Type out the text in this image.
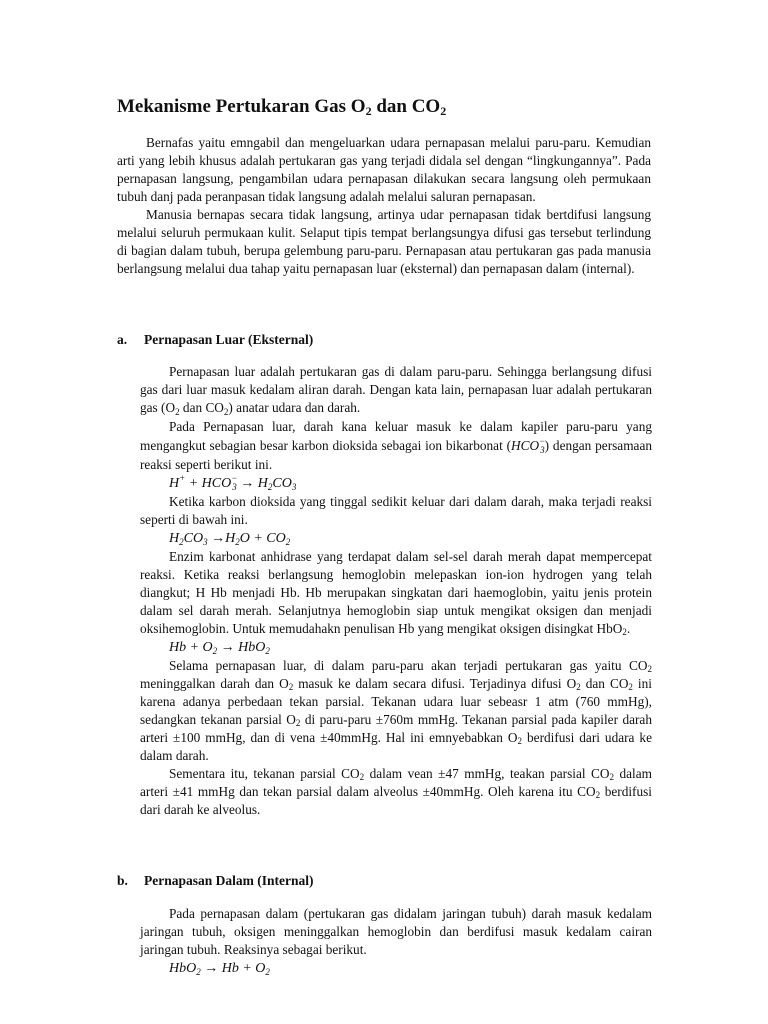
Mekanisme Pertukaran Gas $O_2$ dan $CO_2$

Bernafas yaitu emngabil dan mengeluarkan udara pernapasan melalui paru-paru. Kemudian arti yang lebih khusus adalah pertukaran gas yang terjadi didala sel dengan “lingkungannya”. Pada pernapasan langsung, pengambilan udara pernapasan dilakukan secara langsung oleh permukaan tubuh danj pada peranpasan tidak langsung adalah melalui saluran pernapasan.

Manusia bernapas secara tidak langsung, artinya udar pernapasan tidak bertdifusi langsung melalui seluruh permukaan kulit. Selaput tipis tempat berlangsungya difusi gas tersebut terlindung di bagian dalam tubuh, berupa gelembung paru-paru. Pernapasan atau pertukaran gas pada manusia berlangsung melalui dua tahap yaitu pernapasan luar (eksternal) dan pernapasan dalam (internal).

a. Pernapasan Luar (Eksternal)

Pernapasan luar adalah pertukaran gas di dalam paru-paru. Sehingga berlangsung difusi gas dari luar masuk kedalam aliran darah. Dengan kata lain, pernapasan luar adalah pertukaran gas ($O_2$ dan $CO_2$) anatar udara dan darah.

Pada Pernapasan luar, darah kana keluar masuk ke dalam kapiler paru-paru yang mengangkut sebagian besar karbon dioksida sebagai ion bikarbonat $(HCO^-_3)$ dengan persamaan reaksi seperti berikut ini.

$H^+ + HCO^-_3 \to H_2CO_3$

Ketika karbon dioksida yang tinggal sedikit keluar dari dalam darah, maka terjadi reaksi seperti di bawah ini.

$H_2CO_3 \to H_2O + CO_2$

Enzim karbonat anhidrase yang terdapat dalam sel-sel darah merah dapat mempercepat reaksi. Ketika reaksi berlangsung hemoglobin melepaskan ion-ion hydrogen yang telah diangkut; H Hb menjadi Hb. Hb merupakan singkatan dari haemoglobin, yaitu jenis protein dalam sel darah merah. Selanjutnya hemoglobin siap untuk mengikat oksigen dan menjadi oksihemoglobin. Untuk memudahakn penulisan Hb yang mengikat oksigen disingkat HbO2.

$Hb + O_2 \to HbO_2$

Selama pernapasan luar, di dalam paru-paru akan terjadi pertukaran gas yaitu CO2 meninggalkan darah dan O2 masuk ke dalam secara difusi. Terjadinya difusi O2 dan CO2 ini karena adanya perbedaan tekan parsial. Tekanan udara luar sebeasr 1 atm (760 mmHg), sedangkan tekanan parsial O2 di paru-paru ±760m mmHg. Tekanan parsial pada kapiler darah arteri ±100 mmHg, dan di vena ±40mmHg. Hal ini emnyebabkan O2 berdifusi dari udara ke dalam darah.

Sementara itu, tekanan parsial CO2 dalam vean ±47 mmHg, teakan parsial CO2 dalam arteri ±41 mmHg dan tekan parsial dalam alveolus ±40mmHg. Oleh karena itu CO2 berdifusi dari darah ke alveolus.

b. Pernapasan Dalam (Internal)

Pada pernapasan dalam (pertukaran gas didalam jaringan tubuh) darah masuk kedalam jaringan tubuh, oksigen meninggalkan hemoglobin dan berdifusi masuk kedalam cairan jaringan tubuh. Reaksinya sebagai berikut.

$HbO_2 \to Hb + O_2$
